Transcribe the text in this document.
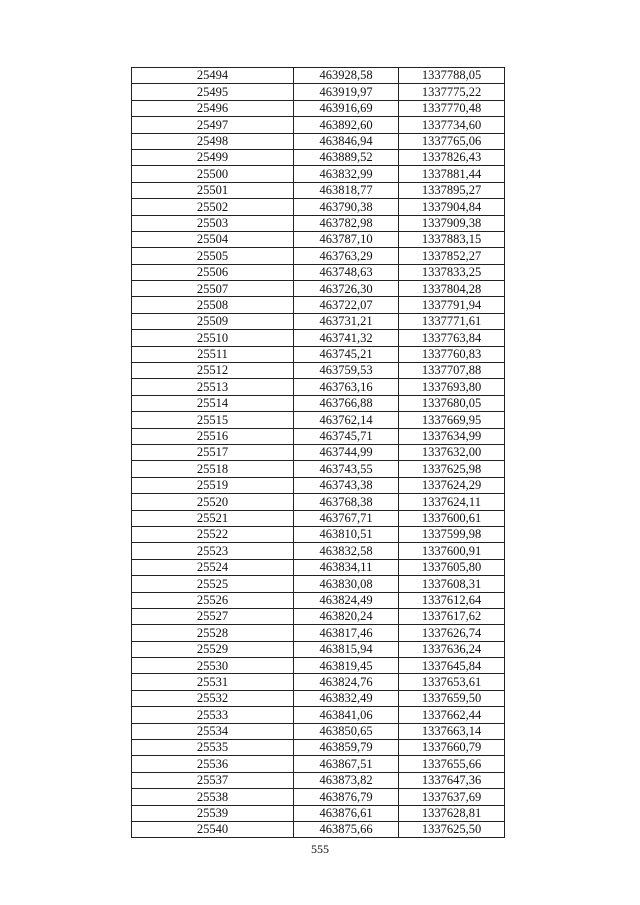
25494	463928,58	1337788,05
25495	463919,97	1337775,22
25496	463916,69	1337770,48
25497	463892,60	1337734,60
25498	463846,94	1337765,06
25499	463889,52	1337826,43
25500	463832,99	1337881,44
25501	463818,77	1337895,27
25502	463790,38	1337904,84
25503	463782,98	1337909,38
25504	463787,10	1337883,15
25505	463763,29	1337852,27
25506	463748,63	1337833,25
25507	463726,30	1337804,28
25508	463722,07	1337791,94
25509	463731,21	1337771,61
25510	463741,32	1337763,84
25511	463745,21	1337760,83
25512	463759,53	1337707,88
25513	463763,16	1337693,80
25514	463766,88	1337680,05
25515	463762,14	1337669,95
25516	463745,71	1337634,99
25517	463744,99	1337632,00
25518	463743,55	1337625,98
25519	463743,38	1337624,29
25520	463768,38	1337624,11
25521	463767,71	1337600,61
25522	463810,51	1337599,98
25523	463832,58	1337600,91
25524	463834,11	1337605,80
25525	463830,08	1337608,31
25526	463824,49	1337612,64
25527	463820,24	1337617,62
25528	463817,46	1337626,74
25529	463815,94	1337636,24
25530	463819,45	1337645,84
25531	463824,76	1337653,61
25532	463832,49	1337659,50
25533	463841,06	1337662,44
25534	463850,65	1337663,14
25535	463859,79	1337660,79
25536	463867,51	1337655,66
25537	463873,82	1337647,36
25538	463876,79	1337637,69
25539	463876,61	1337628,81
25540	463875,66	1337625,50
555
